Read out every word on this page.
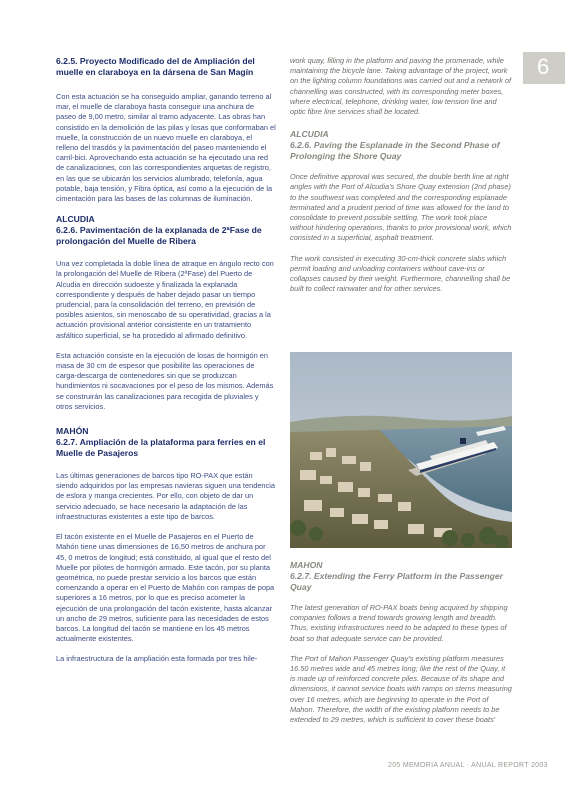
6

6.2.5. Proyecto Modificado del de Ampliación del muelle en claraboya en la dársena de San Magín

Con esta actuación se ha conseguido ampliar, ganando terreno al mar, el muelle de claraboya hasta conseguir una anchura de paseo de 9,00 metro, similar al tramo adyacente. Las obras han consistido en la demolición de las pilas y losas que conformaban el muelle, la construcción de un nuevo muelle en claraboya, el relleno del trasdós y la pavimentación del paseo manteniendo el carril-bici. Aprovechando esta actuación se ha ejecutado una red de canalizaciones, con las correspondientes arquetas de registro, en las que se ubicarán los servicios alumbrado, telefonía, agua potable, baja tensión, y Fibra óptica, así como a la ejecución de la cimentación para las bases de las columnas de iluminación.

ALCUDIA

6.2.6. Pavimentación de la explanada de 2ªFase de prolongación del Muelle de Ribera

Una vez completada la doble línea de atraque en ángulo recto con la prolongación del Muelle de Ribera (2ªFase) del Puerto de Alcudia en dirección sudoeste y finalizada la explanada correspondiente y después de haber dejado pasar un tiempo prudencial, para la consolidación del terreno, en previsión de posibles asientos, sin menoscabo de su operatividad, gracias a la actuación provisional anterior consistente en un tratamiento asfáltico superficial, se ha procedido al afirmado definitivo.

Esta actuación consiste en la ejecución de losas de hormigón en masa de 30 cm de espesor que posibilite las operaciones de carga-descarga de contenedores sin que se produzcan hundimientos ni socavaciones por el peso de los mismos. Además se construirán las canalizaciones para recogida de pluviales y otros servicios.

MAHÓN

6.2.7. Ampliación de la plataforma para ferries en el Muelle de Pasajeros

Las últimas generaciones de barcos tipo RO-PAX que están siendo adquiridos por las empresas navieras siguen una tendencia de eslora y manga crecientes. Por ello, con objeto de dar un servicio adecuado, se hace necesario la adaptación de las infraestructuras existentes a este tipo de barcos.

El tacón existente en el Muelle de Pasajeros en el Puerto de Mahón tiene unas dimensiones de 16,50 metros de anchura por 45, 0 metros de longitud; está constituido, al igual que el resto del Muelle por pilotes de hormigón armado. Este tacón, por su planta geométrica, no puede prestar servicio a los barcos que están comenzando a operar en el Puerto de Mahón con rampas de popa superiores a 16 metros, por lo que es preciso acometer la ejecución de una prolongación del tacón existente, hasta alcanzar un ancho de 29 metros, suficiente para las necesidades de estos barcos. La longitud del tacón se mantiene en los 45 metros actualmente existentes.

La infraestructura de la ampliación esta formada por tres hile-

work quay, filling in the platform and paving the promenade, while maintaining the bicycle lane. Taking advantage of the project, work on the lighting column foundations was carried out and a network of channelling was constructed, with its corresponding meter boxes, where electrical, telephone, drinking water, low tension line and optic fibre line services shall be located.

ALCUDIA

6.2.6. Paving the Esplanade in the Second Phase of Prolonging the Shore Quay

Once definitive approval was secured, the double berth line at right angles with the Port of Alcudia's Shore Quay extension (2nd phase) to the southwest was completed and the corresponding esplanade terminated and a prudent period of time was allowed for the land to consolidate to prevent possible settling. The work took place without hindering operations, thanks to prior provisional work, which consisted in a superficial, asphalt treatment.

The work consisted in executing 30-cm-thick concrete slabs which permit loading and unloading containers without cave-ins or collapses caused by their weight. Furthermore, channelling shall be built to collect rainwater and for other services.

MAHON

6.2.7. Extending the Ferry Platform in the Passenger Quay

The latest generation of RO-PAX boats being acquired by shipping companies follows a trend towards growing length and breadth. Thus, existing infrastructures need to be adapted to these types of boat so that adequate service can be provided.

The Port of Mahon Passenger Quay's existing platform measures 16.50 metres wide and 45 metres long; like the rest of the Quay, it is made up of reinforced concrete piles. Because of its shape and dimensions, it cannot service boats with ramps on sterns measuring over 16 metres, which are beginning to operate in the Port of Mahon. Therefore, the width of the existing platform needs to be extended to 29 metres, which is sufficient to cover these boats'

205 MEMORIA ANUAL · ANUAL REPORT 2003
